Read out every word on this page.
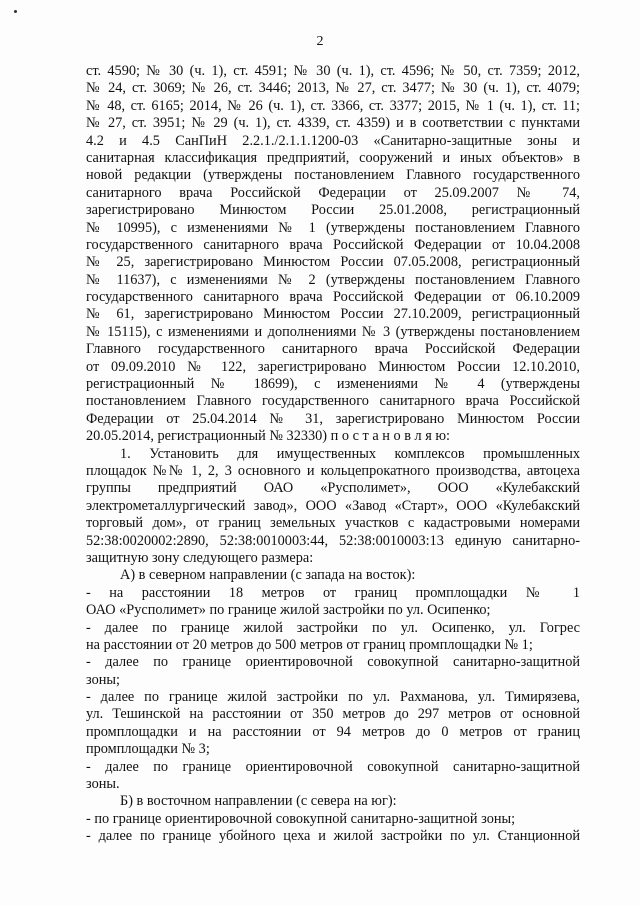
2
ст. 4590; № 30 (ч. 1), ст. 4591; № 30 (ч. 1), ст. 4596; № 50, ст. 7359; 2012,
№ 24, ст. 3069; № 26, ст. 3446; 2013, № 27, ст. 3477; № 30 (ч. 1), ст. 4079;
№ 48, ст. 6165; 2014, № 26 (ч. 1), ст. 3366, ст. 3377; 2015, № 1 (ч. 1), ст. 11;
№ 27, ст. 3951; № 29 (ч. 1), ст. 4339, ст. 4359) и в соответствии с пунктами
4.2 и 4.5 СанПиН 2.2.1./2.1.1.1200-03 «Санитарно-защитные зоны и
санитарная классификация предприятий, сооружений и иных объектов» в
новой редакции (утверждены постановлением Главного государственного
санитарного врача Российской Федерации от 25.09.2007 № 74,
зарегистрировано Минюстом России 25.01.2008, регистрационный
№ 10995), с изменениями № 1 (утверждены постановлением Главного
государственного санитарного врача Российской Федерации от 10.04.2008
№ 25, зарегистрировано Минюстом России 07.05.2008, регистрационный
№ 11637), с изменениями № 2 (утверждены постановлением Главного
государственного санитарного врача Российской Федерации от 06.10.2009
№ 61, зарегистрировано Минюстом России 27.10.2009, регистрационный
№ 15115), с изменениями и дополнениями № 3 (утверждены постановлением
Главного государственного санитарного врача Российской Федерации
от 09.09.2010 № 122, зарегистрировано Минюстом России 12.10.2010,
регистрационный № 18699), с изменениями № 4 (утверждены
постановлением Главного государственного санитарного врача Российской
Федерации от 25.04.2014 № 31, зарегистрировано Минюстом России
20.05.2014, регистрационный № 32330) п о с т а н о в л я ю:
1. Установить для имущественных комплексов промышленных
площадок №№ 1, 2, 3 основного и кольцепрокатного производства, автоцеха
группы предприятий ОАО «Русполимет», ООО «Кулебакский
электрометаллургический завод», ООО «Завод «Старт», ООО «Кулебакский
торговый дом», от границ земельных участков с кадастровыми номерами
52:38:0020002:2890, 52:38:0010003:44, 52:38:0010003:13 единую санитарно-
защитную зону следующего размера:
А) в северном направлении (с запада на восток):
- на расстоянии 18 метров от границ промплощадки № 1
ОАО «Русполимет» по границе жилой застройки по ул. Осипенко;
- далее по границе жилой застройки по ул. Осипенко, ул. Гогрес
на расстоянии от 20 метров до 500 метров от границ промплощадки № 1;
- далее по границе ориентировочной совокупной санитарно-защитной
зоны;
- далее по границе жилой застройки по ул. Рахманова, ул. Тимирязева,
ул. Тешинской на расстоянии от 350 метров до 297 метров от основной
промплощадки и на расстоянии от 94 метров до 0 метров от границ
промплощадки № 3;
- далее по границе ориентировочной совокупной санитарно-защитной
зоны.
Б) в восточном направлении (с севера на юг):
- по границе ориентировочной совокупной санитарно-защитной зоны;
- далее по границе убойного цеха и жилой застройки по ул. Станционной
